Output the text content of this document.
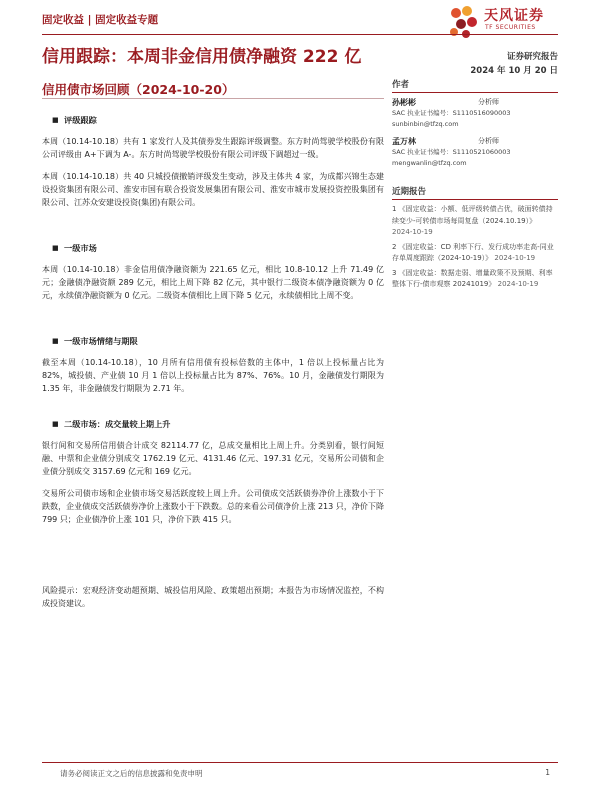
固定收益 | 固定收益专题	天风证券
TF SECURITIES
信用跟踪：本周非金信用债净融资 222 亿	证券研究报告
2024 年 10 月 20 日
信用债市场回顾（2024-10-20）
■ 评级跟踪
本周（10.14-10.18）共有 1 家发行人及其债券发生跟踪评级调整。东方时尚驾驶学校股份有限公司评级由 A+下调为 A-。东方时尚驾驶学校股份有限公司评级下调超过一级。
本周（10.14-10.18）共 40 只城投债撤销评级发生变动，涉及主体共 4 家，为成都兴锦生态建设投资集团有限公司、淮安市国有联合投资发展集团有限公司、淮安市城市发展投资控股集团有限公司、江苏众安建设投资(集团)有限公司。
■ 一级市场
本周（10.14-10.18）非金信用债净融资额为 221.65 亿元，相比 10.8-10.12 上升 71.49 亿元；金融债净融资额 289 亿元，相比上周下降 82 亿元，其中银行二级资本债净融资额为 0 亿元，永续债净融资额为 0 亿元。二级资本债相比上周下降 5 亿元，永续债相比上周不变。
■ 一级市场情绪与期限
截至本周（10.14-10.18），10 月所有信用债有投标倍数的主体中，1 倍以上投标量占比为 82%，城投债、产业债 10 月 1 倍以上投标量占比为 87%、76%。10 月，金融债发行期限为 1.35 年，非金融债发行期限为 2.71 年。
■ 二级市场：成交量较上期上升
银行间和交易所信用债合计成交 82114.77 亿，总成交量相比上周上升。分类别看，银行间短融、中票和企业债分别成交 1762.19 亿元、4131.46 亿元、197.31 亿元，交易所公司债和企业债分别成交 3157.69 亿元和 169 亿元。
交易所公司债市场和企业债市场交易活跃度较上周上升。公司债成交活跃债券净价上涨数小于下跌数，企业债成交活跃债券净价上涨数小于下跌数。总的来看公司债净价上涨 213 只，净价下降 799 只；企业债净价上涨 101 只，净价下跌 415 只。
风险提示：宏观经济变动超预期、城投信用风险、政策超出预期；本报告为市场情况监控，不构成投资建议。
作者
孙彬彬	分析师
SAC 执业证书编号：S1110516090003
sunbinbin@tfzq.com
孟万林	分析师
SAC 执业证书编号：S1110521060003
mengwanlin@tfzq.com
近期报告
1 《固定收益：小额、低评级转债占优，破面转债持续变少-可转债市场每周复盘（2024.10.19）》 2024-10-19
2 《固定收益：CD 利率下行、发行成功率走高-同业存单周度跟踪（2024-10-19）》 2024-10-19
3 《固定收益：数据走弱、增量政策不及预期、利率整体下行-债市观察 20241019》 2024-10-19
请务必阅读正文之后的信息披露和免责申明	1
